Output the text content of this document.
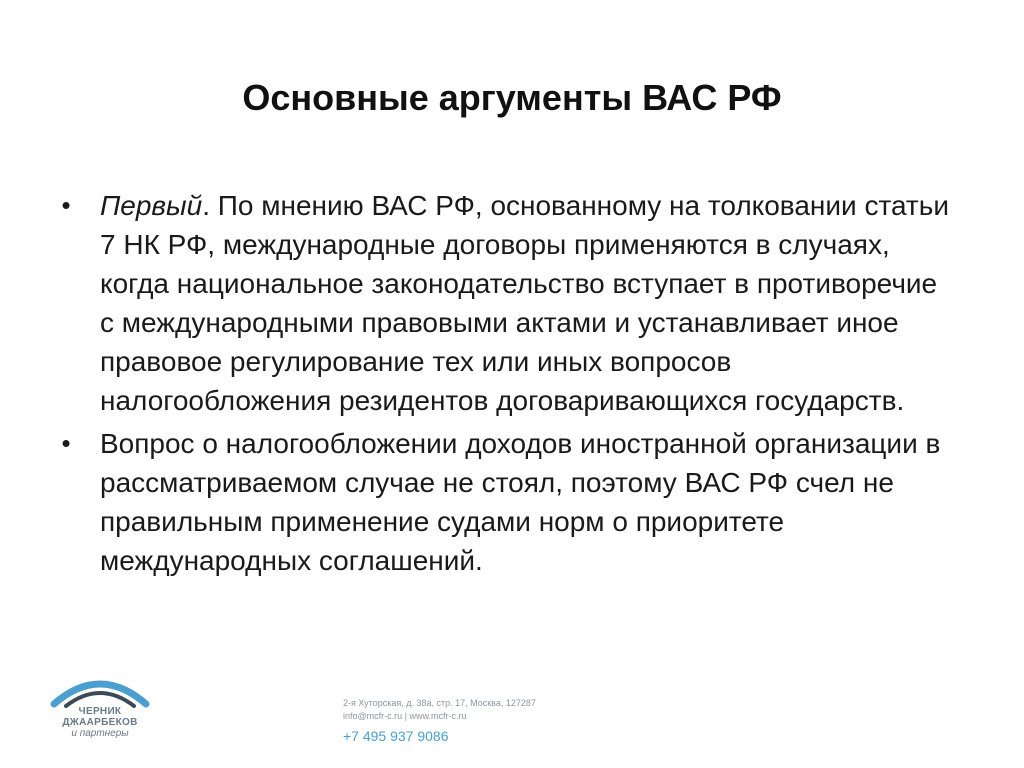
Основные аргументы ВАС РФ
• Первый. По мнению ВАС РФ, основанному на толковании статьи 7 НК РФ, международные договоры применяются в случаях, когда национальное законодательство вступает в противоречие с международными правовыми актами и устанавливает иное правовое регулирование тех или иных вопросов налогообложения резидентов договаривающихся государств.
• Вопрос о налогообложении доходов иностранной организации в рассматриваемом случае не стоял, поэтому ВАС РФ счел не правильным применение судами норм о приоритете международных соглашений.
ЧЕРНИК
ДЖААРБЕКОВ
и партнеры
2-я Хуторская, д. 38а, стр. 17, Москва, 127287
info@mcfr-c.ru | www.mcfr-c.ru
+7 495 937 9086
